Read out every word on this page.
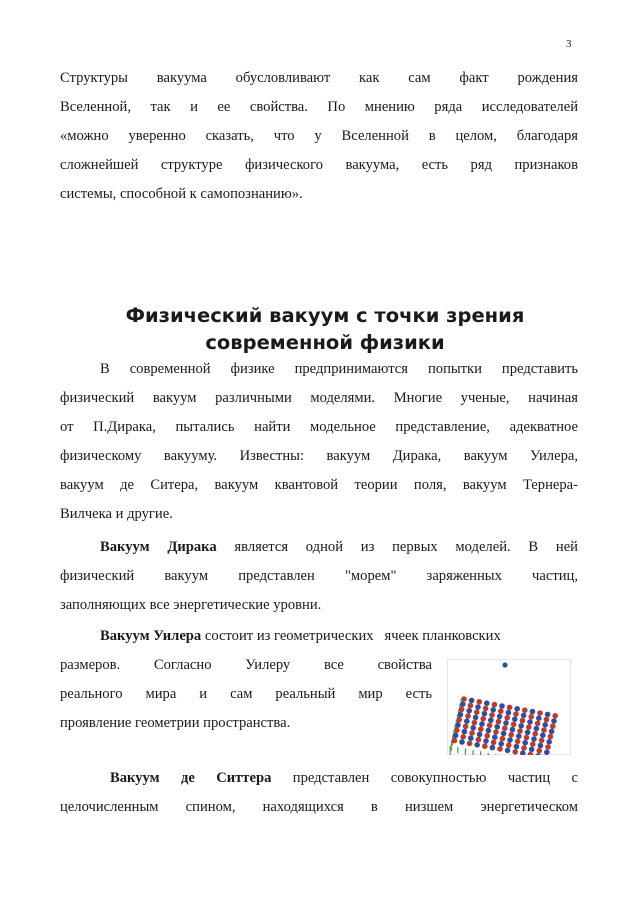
3
Структуры вакуума обусловливают как сам факт рождения
Вселенной, так и ее свойства. По мнению ряда исследователей
«можно уверенно сказать, что у Вселенной в целом, благодаря
сложнейшей структуре физического вакуума, есть ряд признаков
системы, способной к самопознанию».
Физический вакуум с точки зрения
современной физики
В современной физике предпринимаются попытки представить
физический вакуум различными моделями. Многие ученые, начиная
от П.Дирака, пытались найти модельное представление, адекватное
физическому вакууму. Известны: вакуум Дирака, вакуум Уилера,
вакуум де Ситера, вакуум квантовой теории поля, вакуум Тернера-
Вилчека и другие.
Вакуум Дирака является одной из первых моделей. В ней
физический вакуум представлен "морем" заряженных частиц,
заполняющих все энергетические уровни.
Вакуум Уилера состоит из геометрических   ячеек планковских
размеров. Согласно Уилеру все свойства
реального мира и сам реальный мир есть
проявление геометрии пространства.
Вакуум де Ситтера представлен совокупностью частиц с
целочисленным спином, находящихся в низшем энергетическом
